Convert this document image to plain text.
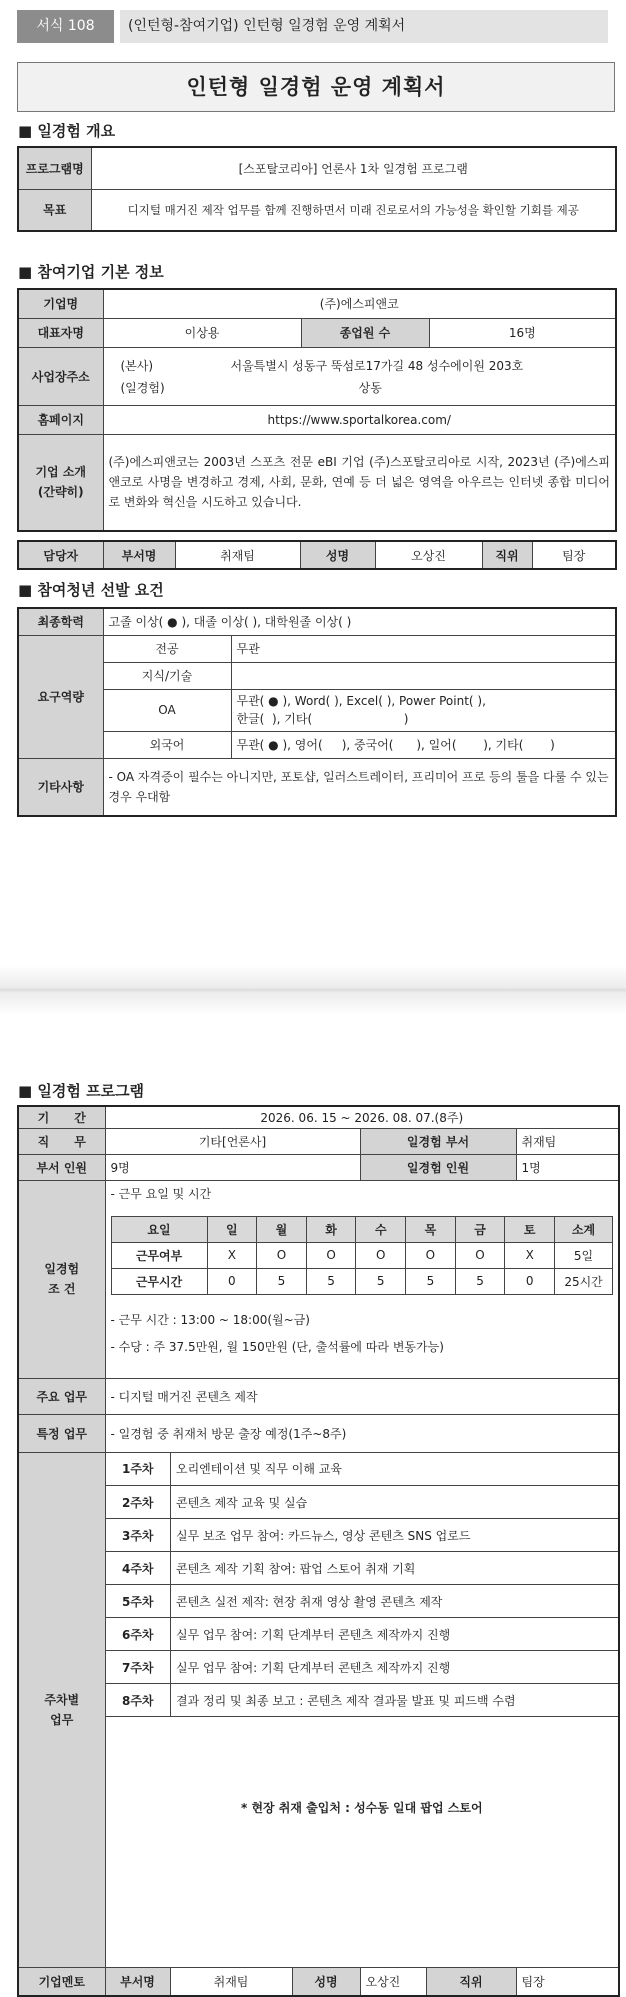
서식 108	(인턴형-참여기업) 인턴형 일경험 운영 계획서
인턴형 일경험 운영 계획서
■ 일경험 개요
프로그램명	[스포탈코리아] 언론사 1차 일경험 프로그램
목표	디지털 매거진 제작 업무를 함께 진행하면서 미래 진로로서의 가능성을 확인할 기회를 제공
■ 참여기업 기본 정보
기업명	(주)에스피앤코		
대표자명	이상용	종업원 수	16명
사업장주소	(본사) 서울특별시 성동구 뚝섬로17가길 48 성수에이원 203호
(일경험) 상동		

홈페이지	https://www.sportalkorea.com/		
기업 소개
(간략히)	(주)에스피앤코는 2003년 스포츠 전문 eBI 기업 (주)스포탈코리아로 시작, 2023년 (주)에스피앤코로 사명을 변경하고 경제, 사회, 문화, 연예 등 더 넓은 영역을 아우르는 인터넷 종합 미디어로 변화와 혁신을 시도하고 있습니다.		
담당자	부서명	취재팀	성명	오상진	직위	팀장
■ 참여청년 선발 요건
최종학력	고졸 이상( ● ), 대졸 이상( ), 대학원졸 이상( )	
요구역량	전공	무관
	지식/기술	
	OA	무관( ● ), Word( ), Excel( ), Power Point( ),
한글(  ), 기타(                        )

	외국어	무관( ● ), 영어(     ), 중국어(      ), 일어(       ), 기타(       )
기타사항	- OA 자격증이 필수는 아니지만, 포토샵, 일러스트레이터, 프리미어 프로 등의 툴을 다룰 수 있는 경우 우대함	
■ 일경험 프로그램
기      간	2026. 06. 15 ~ 2026. 08. 07.(8주)
직      무	기타[언론사]	일경험 부서	취재팀
부서 인원	9명	일경험 인원	1명
일경험
조 건	
- 근무 요일 및 시간
요일	일	월	화	수	목	금	토	소계
근무여부	X	O	O	O	O	O	X	5일
근무시간	0	5	5	5	5	5	0	25시간
- 근무 시간 : 13:00 ~ 18:00(월~금)
- 수당 : 주 37.5만원, 월 150만원 (단, 출석률에 따라 변동가능)

주요 업무	- 디지털 매거진 콘텐츠 제작
특정 업무	- 일경험 중 취재처 방문 출장 예정(1주~8주)
주차별
업무	
1주차	오리엔테이션 및 직무 이해 교육
2주차	콘텐츠 제작 교육 및 실습
3주차	실무 보조 업무 참여: 카드뉴스, 영상 콘텐츠 SNS 업로드
4주차	콘텐츠 제작 기획 참여: 팝업 스토어 취재 기획
5주차	콘텐츠 실전 제작: 현장 취재 영상 촬영 콘텐츠 제작
6주차	실무 업무 참여: 기획 단계부터 콘텐츠 제작까지 진행
7주차	실무 업무 참여: 기획 단계부터 콘텐츠 제작까지 진행
8주차	결과 정리 및 최종 보고 : 콘텐츠 제작 결과물 발표 및 피드백 수렴
* 현장 취재 출입처 : 성수동 일대 팝업 스토어

기업멘토	부서명	취재팀	성명	오상진	직위	팀장
